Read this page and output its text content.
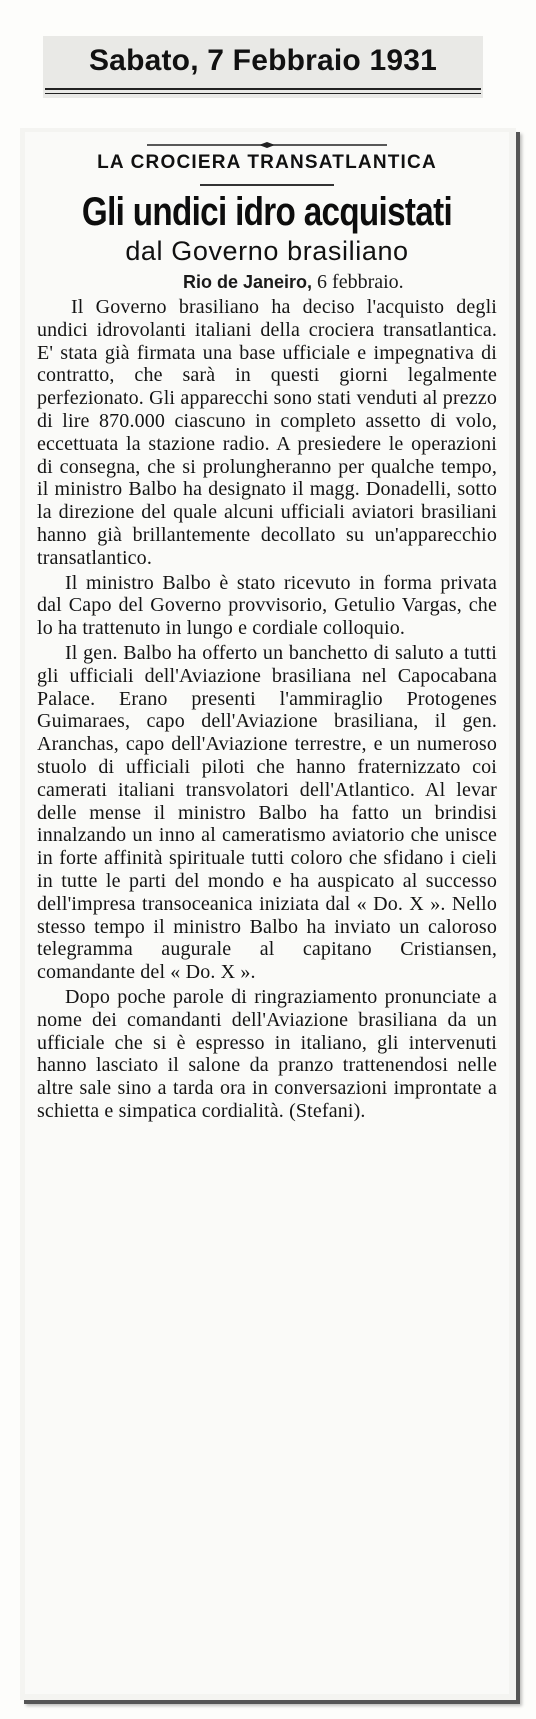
Sabato, 7 Febbraio 1931
LA CROCIERA TRANSATLANTICA
Gli undici idro acquistati
dal Governo brasiliano
Rio de Janeiro, 6 febbraio.

Il Governo brasiliano ha deciso l'acquisto degli undici idrovolanti italiani della crociera transatlantica. E' stata già firmata una base ufficiale e impegnativa di contratto, che sarà in questi giorni legalmente perfezionato. Gli apparecchi sono stati venduti al prezzo di lire 870.000 ciascuno in completo assetto di volo, eccettuata la stazione radio. A presiedere le operazioni di consegna, che si prolungheranno per qualche tempo, il ministro Balbo ha designato il magg. Donadelli, sotto la direzione del quale alcuni ufficiali aviatori brasiliani hanno già brillantemente decollato su un'apparecchio transatlantico.

Il ministro Balbo è stato ricevuto in forma privata dal Capo del Governo provvisorio, Getulio Vargas, che lo ha trattenuto in lungo e cordiale colloquio.

Il gen. Balbo ha offerto un banchetto di saluto a tutti gli ufficiali dell'Aviazione brasiliana nel Capocabana Palace. Erano presenti l'ammiraglio Protogenes Guimaraes, capo dell'Aviazione brasiliana, il gen. Aranchas, capo dell'Aviazione terrestre, e un numeroso stuolo di ufficiali piloti che hanno fraternizzato coi camerati italiani transvolatori dell'Atlantico. Al levar delle mense il ministro Balbo ha fatto un brindisi innalzando un inno al cameratismo aviatorio che unisce in forte affinità spirituale tutti coloro che sfidano i cieli in tutte le parti del mondo e ha auspicato al successo dell'impresa transoceanica iniziata dal « Do. X ». Nello stesso tempo il ministro Balbo ha inviato un caloroso telegramma augurale al capitano Cristiansen, comandante del « Do. X ».

Dopo poche parole di ringraziamento pronunciate a nome dei comandanti dell'Aviazione brasiliana da un ufficiale che si è espresso in italiano, gli intervenuti hanno lasciato il salone da pranzo trattenendosi nelle altre sale sino a tarda ora in conversazioni improntate a schietta e simpatica cordialità. (Stefani).
